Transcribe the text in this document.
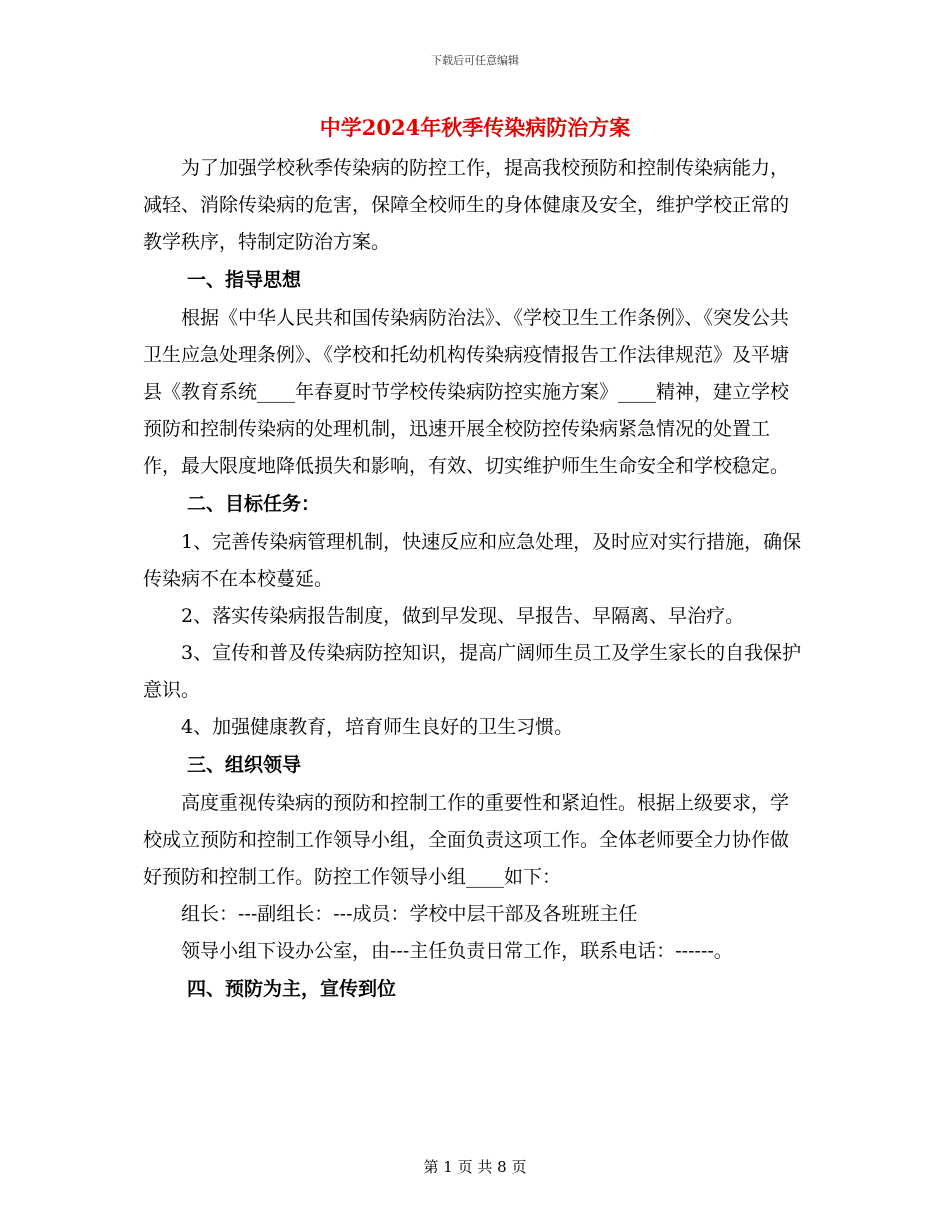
下载后可任意编辑
中学2024年秋季传染病防治方案

为了加强学校秋季传染病的防控工作，提高我校预防和控制传染病能力，减轻、消除传染病的危害，保障全校师生的身体健康及安全，维护学校正常的教学秩序，特制定防治方案。

一、指导思想

根据《中华人民共和国传染病防治法》、《学校卫生工作条例》、《突发公共卫生应急处理条例》、《学校和托幼机构传染病疫情报告工作法律规范》及平塘县《教育系统____年春夏时节学校传染病防控实施方案》____精神，建立学校预防和控制传染病的处理机制，迅速开展全校防控传染病紧急情况的处置工作，最大限度地降低损失和影响，有效、切实维护师生生命安全和学校稳定。

二、目标任务：

1、完善传染病管理机制，快速反应和应急处理，及时应对实行措施，确保传染病不在本校蔓延。

2、落实传染病报告制度，做到早发现、早报告、早隔离、早治疗。

3、宣传和普及传染病防控知识，提高广阔师生员工及学生家长的自我保护意识。

4、加强健康教育，培育师生良好的卫生习惯。

三、组织领导

高度重视传染病的预防和控制工作的重要性和紧迫性。根据上级要求，学校成立预防和控制工作领导小组，全面负责这项工作。全体老师要全力协作做好预防和控制工作。防控工作领导小组____如下：

组长：---副组长：---成员：学校中层干部及各班班主任

领导小组下设办公室，由---主任负责日常工作，联系电话：------。

四、预防为主，宣传到位

第 1 页 共 8 页
